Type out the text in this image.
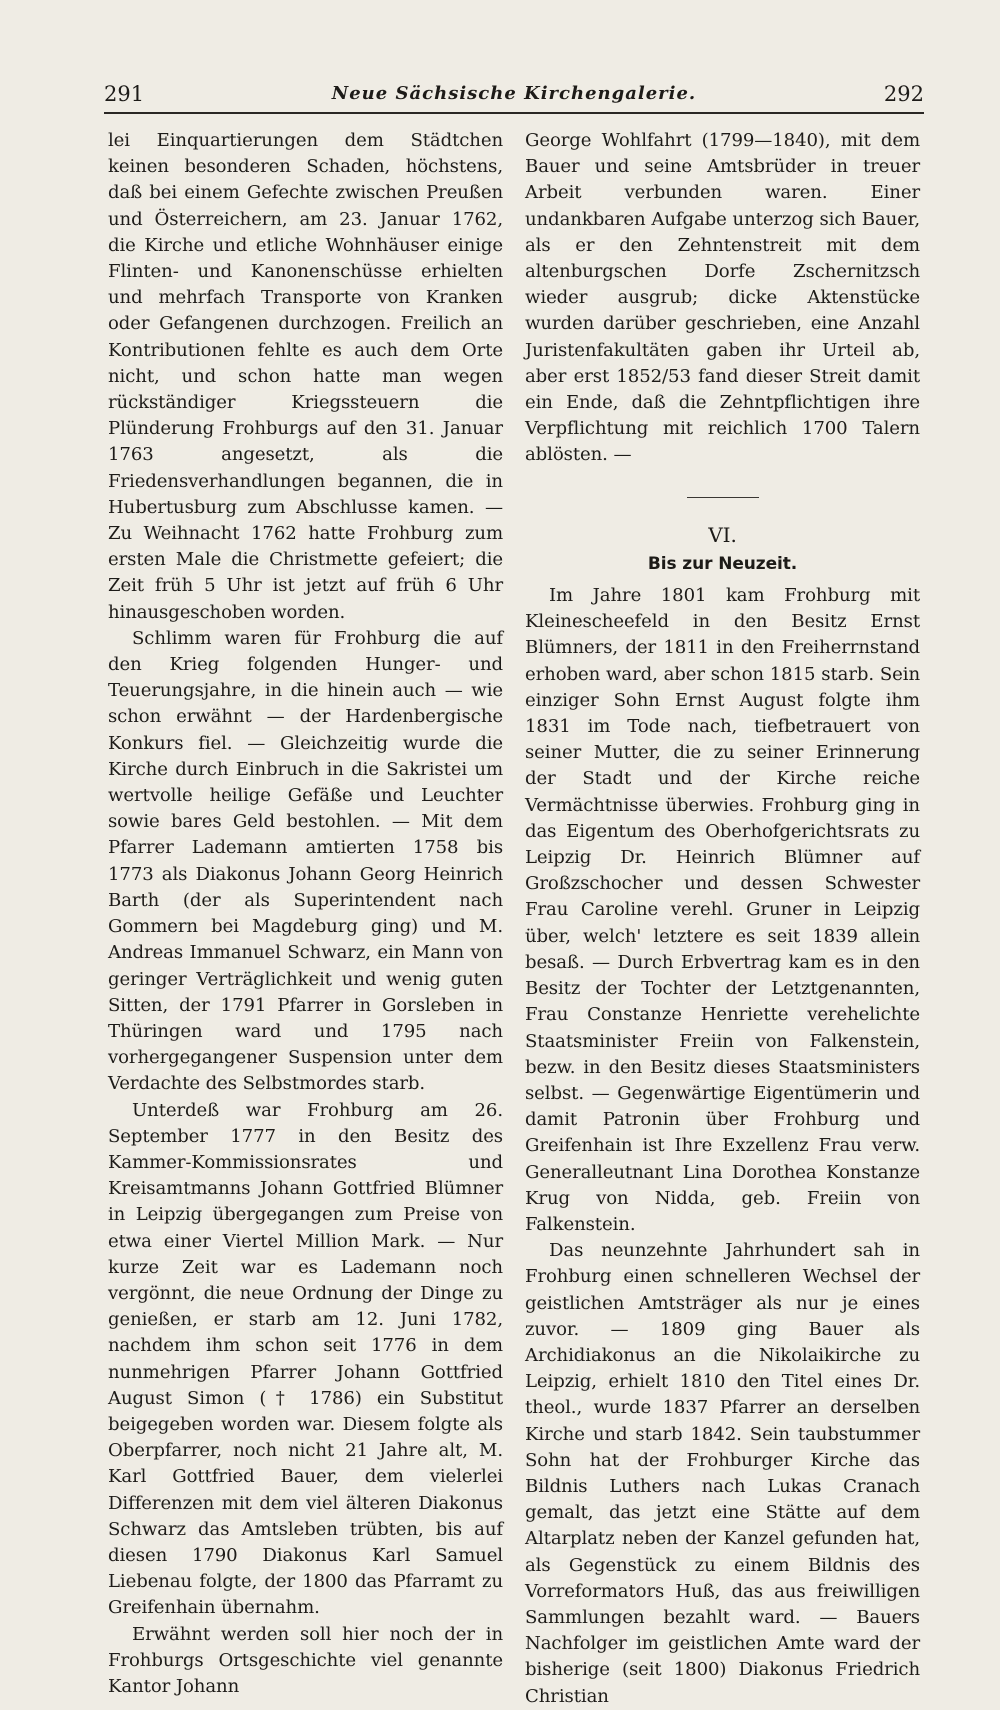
291	Neue Sächsische Kirchengalerie.	292

lei Einquartierungen dem Städtchen keinen besonderen Schaden, höchstens, daß bei einem Gefechte zwischen Preußen und Österreichern, am 23. Januar 1762, die Kirche und etliche Wohnhäuser einige Flinten- und Kanonenschüsse erhielten und mehrfach Transporte von Kranken oder Gefangenen durchzogen. Freilich an Kontributionen fehlte es auch dem Orte nicht, und schon hatte man wegen rückständiger Kriegssteuern die Plünderung Frohburgs auf den 31. Januar 1763 angesetzt, als die Friedensverhandlungen begannen, die in Hubertusburg zum Abschlusse kamen. — Zu Weihnacht 1762 hatte Frohburg zum ersten Male die Christmette gefeiert; die Zeit früh 5 Uhr ist jetzt auf früh 6 Uhr hinausgeschoben worden.

Schlimm waren für Frohburg die auf den Krieg folgenden Hunger- und Teuerungsjahre, in die hinein auch — wie schon erwähnt — der Hardenbergische Konkurs fiel. — Gleichzeitig wurde die Kirche durch Einbruch in die Sakristei um wertvolle heilige Gefäße und Leuchter sowie bares Geld bestohlen. — Mit dem Pfarrer Lademann amtierten 1758 bis 1773 als Diakonus Johann Georg Heinrich Barth (der als Superintendent nach Gommern bei Magdeburg ging) und M. Andreas Immanuel Schwarz, ein Mann von geringer Verträglichkeit und wenig guten Sitten, der 1791 Pfarrer in Gorsleben in Thüringen ward und 1795 nach vorhergegangener Suspension unter dem Verdachte des Selbstmordes starb.

Unterdeß war Frohburg am 26. September 1777 in den Besitz des Kammer-Kommissionsrates und Kreisamtmanns Johann Gottfried Blümner in Leipzig übergegangen zum Preise von etwa einer Viertel Million Mark. — Nur kurze Zeit war es Lademann noch vergönnt, die neue Ordnung der Dinge zu genießen, er starb am 12. Juni 1782, nachdem ihm schon seit 1776 in dem nunmehrigen Pfarrer Johann Gottfried August Simon († 1786) ein Substitut beigegeben worden war. Diesem folgte als Oberpfarrer, noch nicht 21 Jahre alt, M. Karl Gottfried Bauer, dem vielerlei Differenzen mit dem viel älteren Diakonus Schwarz das Amtsleben trübten, bis auf diesen 1790 Diakonus Karl Samuel Liebenau folgte, der 1800 das Pfarramt zu Greifenhain übernahm.

Erwähnt werden soll hier noch der in Frohburgs Ortsgeschichte viel genannte Kantor Johann

George Wohlfahrt (1799—1840), mit dem Bauer und seine Amtsbrüder in treuer Arbeit verbunden waren. Einer undankbaren Aufgabe unterzog sich Bauer, als er den Zehntenstreit mit dem altenburgschen Dorfe Zschernitzsch wieder ausgrub; dicke Aktenstücke wurden darüber geschrieben, eine Anzahl Juristenfakultäten gaben ihr Urteil ab, aber erst 1852/53 fand dieser Streit damit ein Ende, daß die Zehntpflichtigen ihre Verpflichtung mit reichlich 1700 Talern ablösten. —

VI.
Bis zur Neuzeit.

Im Jahre 1801 kam Frohburg mit Kleinescheefeld in den Besitz Ernst Blümners, der 1811 in den Freiherrnstand erhoben ward, aber schon 1815 starb. Sein einziger Sohn Ernst August folgte ihm 1831 im Tode nach, tiefbetrauert von seiner Mutter, die zu seiner Erinnerung der Stadt und der Kirche reiche Vermächtnisse überwies. Frohburg ging in das Eigentum des Oberhofgerichtsrats zu Leipzig Dr. Heinrich Blümner auf Großzschocher und dessen Schwester Frau Caroline verehl. Gruner in Leipzig über, welch' letztere es seit 1839 allein besaß. — Durch Erbvertrag kam es in den Besitz der Tochter der Letztgenannten, Frau Constanze Henriette verehelichte Staatsminister Freiin von Falkenstein, bezw. in den Besitz dieses Staatsministers selbst. — Gegenwärtige Eigentümerin und damit Patronin über Frohburg und Greifenhain ist Ihre Exzellenz Frau verw. Generalleutnant Lina Dorothea Konstanze Krug von Nidda, geb. Freiin von Falkenstein.

Das neunzehnte Jahrhundert sah in Frohburg einen schnelleren Wechsel der geistlichen Amtsträger als nur je eines zuvor. — 1809 ging Bauer als Archidiakonus an die Nikolaikirche zu Leipzig, erhielt 1810 den Titel eines Dr. theol., wurde 1837 Pfarrer an derselben Kirche und starb 1842. Sein taubstummer Sohn hat der Frohburger Kirche das Bildnis Luthers nach Lukas Cranach gemalt, das jetzt eine Stätte auf dem Altarplatz neben der Kanzel gefunden hat, als Gegenstück zu einem Bildnis des Vorreformators Huß, das aus freiwilligen Sammlungen bezahlt ward. — Bauers Nachfolger im geistlichen Amte ward der bisherige (seit 1800) Diakonus Friedrich Christian
